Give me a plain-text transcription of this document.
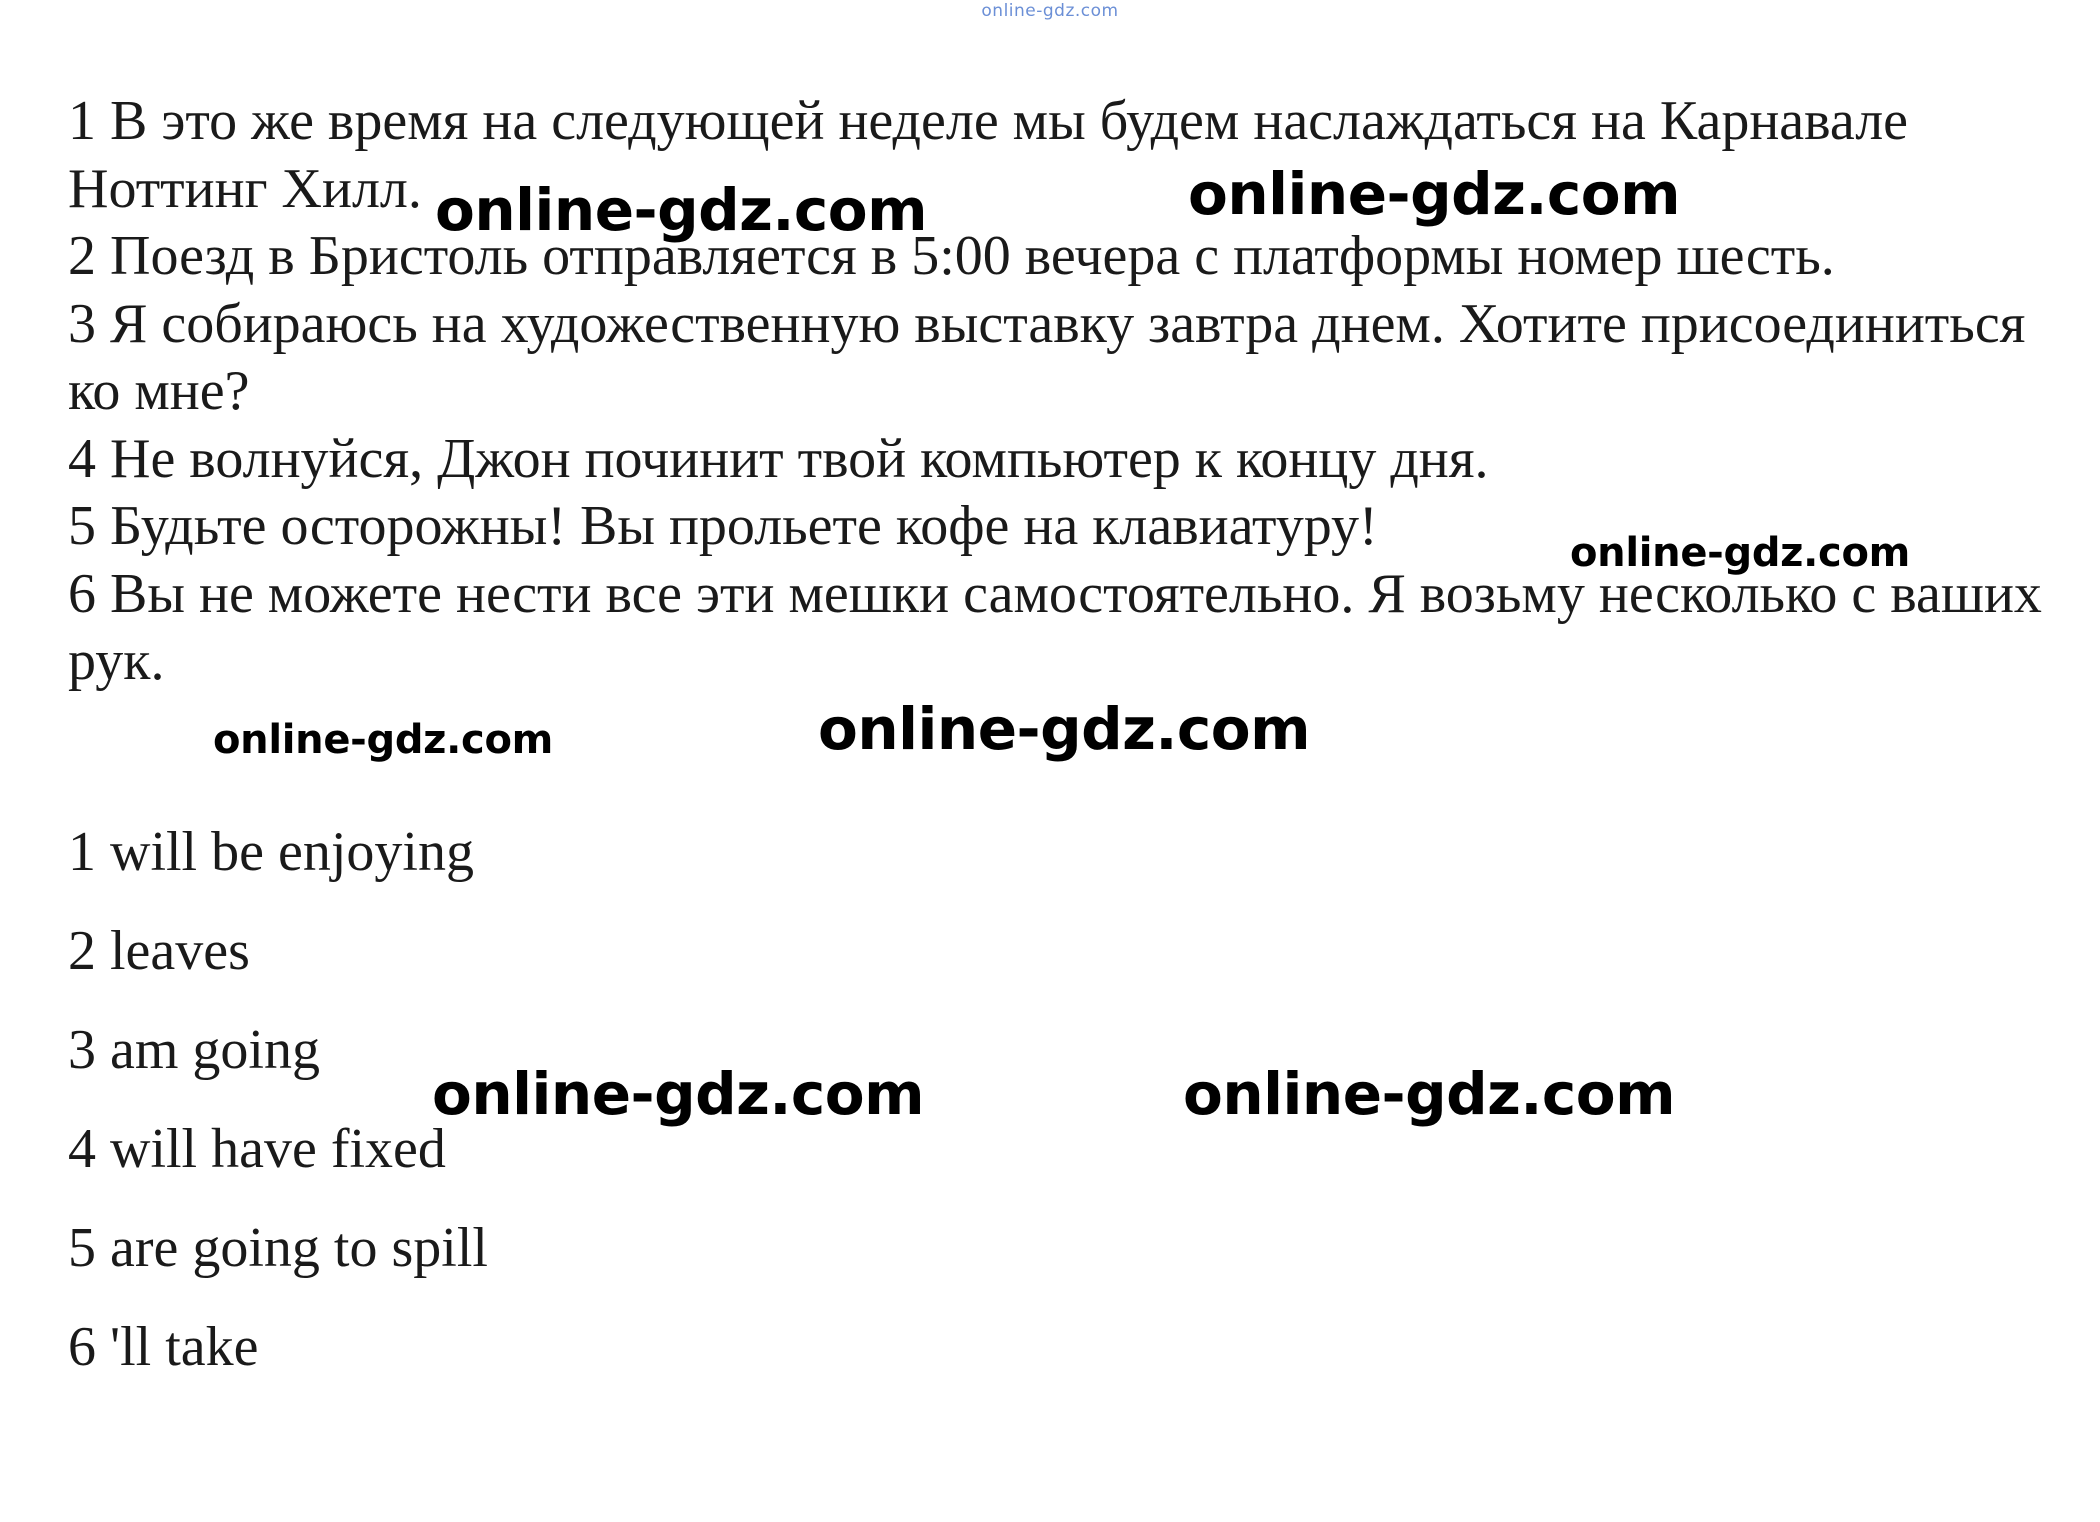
online-gdz.com

1 В это же время на следующей неделе мы будем наслаждаться на Карнавале Ноттинг Хилл.

2 Поезд в Бристоль отправляется в 5:00 вечера с платформы номер шесть.

3 Я собираюсь на художественную выставку завтра днем. Хотите присоединиться ко мне?

4 Не волнуйся, Джон починит твой компьютер к концу дня.

5 Будьте осторожны! Вы прольете кофе на клавиатуру!

6 Вы не можете нести все эти мешки самостоятельно. Я возьму несколько с ваших рук.

1 will be enjoying

2 leaves

3 am going

4 will have fixed

5 are going to spill

6 'll take

online-gdz.com	online-gdz.com
online-gdz.com
online-gdz.com	online-gdz.com
online-gdz.com	online-gdz.com
